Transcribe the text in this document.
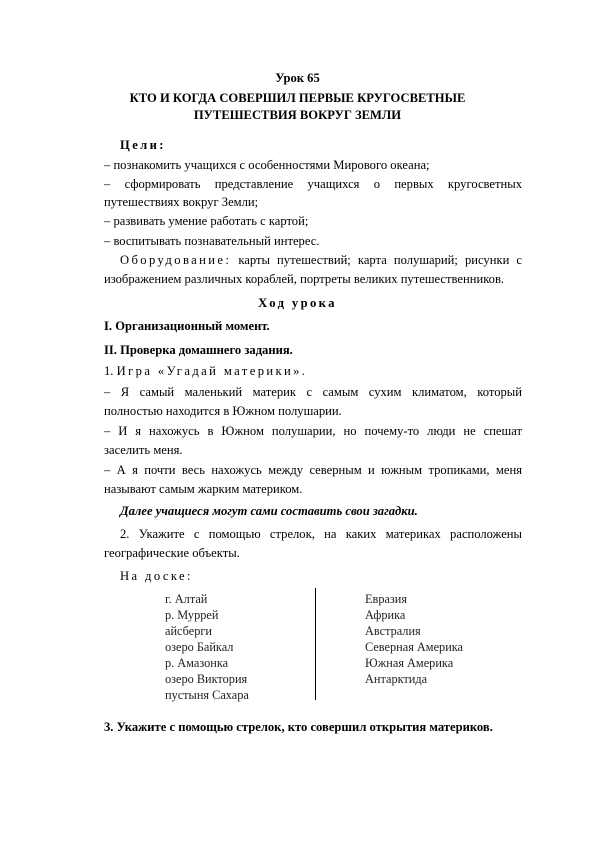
Урок 65
КТО И КОГДА СОВЕРШИЛ ПЕРВЫЕ КРУГОСВЕТНЫЕ
ПУТЕШЕСТВИЯ ВОКРУГ ЗЕМЛИ
Цели:
– познакомить учащихся с особенностями Мирового океана;
– сформировать представление учащихся о первых кругосветных
путешествиях вокруг Земли;
– развивать умение работать с картой;
– воспитывать познавательный интерес.
Оборудование: карты путешествий; карта полушарий; рисунки с
изображением различных кораблей, портреты великих путешественников.
Ход урока
I. Организационный момент.
II. Проверка домашнего задания.
1. Игра «Угадай материки».
– Я самый маленький материк с самым сухим климатом, который
полностью находится в Южном полушарии.
– И я нахожусь в Южном полушарии, но почему-то люди не спешат
заселить меня.
– А я почти весь нахожусь между северным и южным тропиками, меня
называют самым жарким материком.
Далее учащиеся могут сами составить свои загадки.
2. Укажите с помощью стрелок, на каких материках расположены
географические объекты.
На доске:
г. Алтай
р. Муррей
айсберги
озеро Байкал
р. Амазонка
озеро Виктория
пустыня Сахара
Евразия
Африка
Австралия
Северная Америка
Южная Америка
Антарктида
3. Укажите с помощью стрелок, кто совершил открытия материков.
